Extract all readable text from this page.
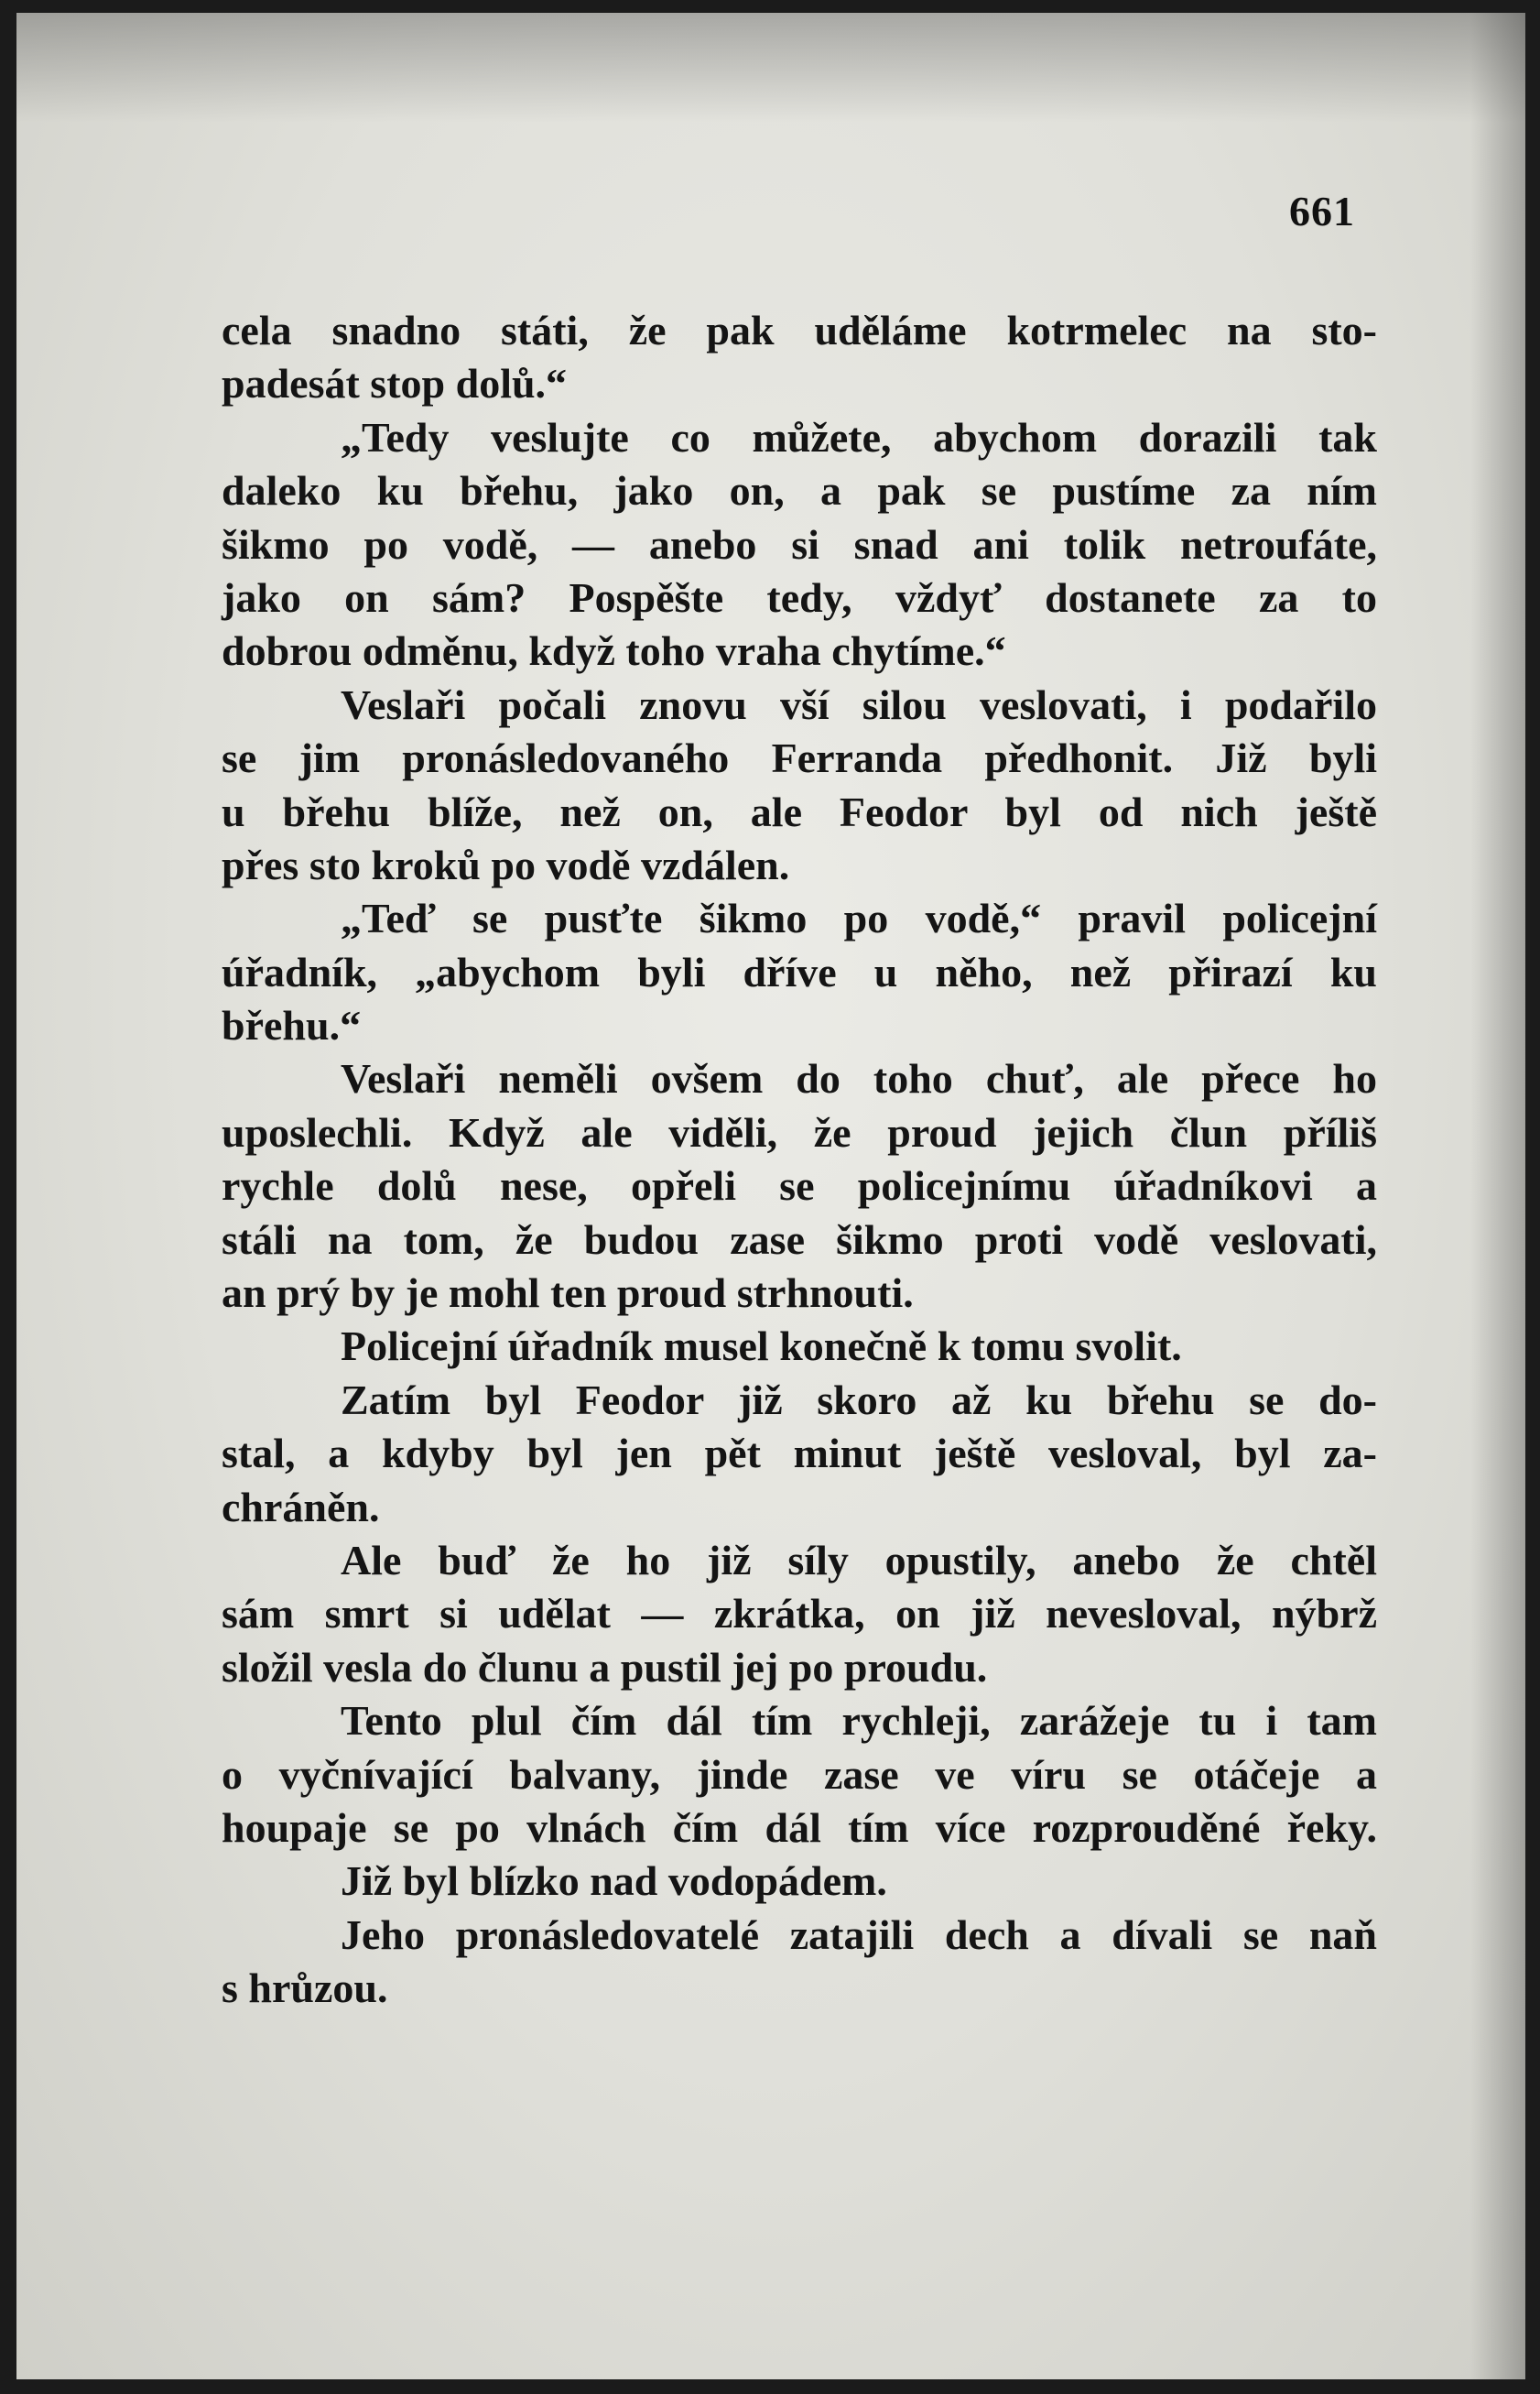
661
cela snadno státi, že pak uděláme kotrmelec na sto-
padesát stop dolů.“
„Tedy veslujte co můžete, abychom dorazili tak
daleko ku břehu, jako on, a pak se pustíme za ním
šikmo po vodě, — anebo si snad ani tolik netroufáte,
jako on sám? Pospěšte tedy, vždyť dostanete za to
dobrou odměnu, když toho vraha chytíme.“
Veslaři počali znovu vší silou veslovati, i podařilo
se jim pronásledovaného Ferranda předhonit. Již byli
u břehu blíže, než on, ale Feodor byl od nich ještě
přes sto kroků po vodě vzdálen.
„Teď se pusťte šikmo po vodě,“ pravil policejní
úřadník, „abychom byli dříve u něho, než přirazí ku
břehu.“
Veslaři neměli ovšem do toho chuť, ale přece ho
uposlechli. Když ale viděli, že proud jejich člun příliš
rychle dolů nese, opřeli se policejnímu úřadníkovi a
stáli na tom, že budou zase šikmo proti vodě veslovati,
an prý by je mohl ten proud strhnouti.
Policejní úřadník musel konečně k tomu svolit.
Zatím byl Feodor již skoro až ku břehu se do-
stal, a kdyby byl jen pět minut ještě vesloval, byl za-
chráněn.
Ale buď že ho již síly opustily, anebo že chtěl
sám smrt si udělat — zkrátka, on již nevesloval, nýbrž
složil vesla do člunu a pustil jej po proudu.
Tento plul čím dál tím rychleji, zarážeje tu i tam
o vyčnívající balvany, jinde zase ve víru se otáčeje a
houpaje se po vlnách čím dál tím více rozprouděné řeky.
Již byl blízko nad vodopádem.
Jeho pronásledovatelé zatajili dech a dívali se naň
s hrůzou.
